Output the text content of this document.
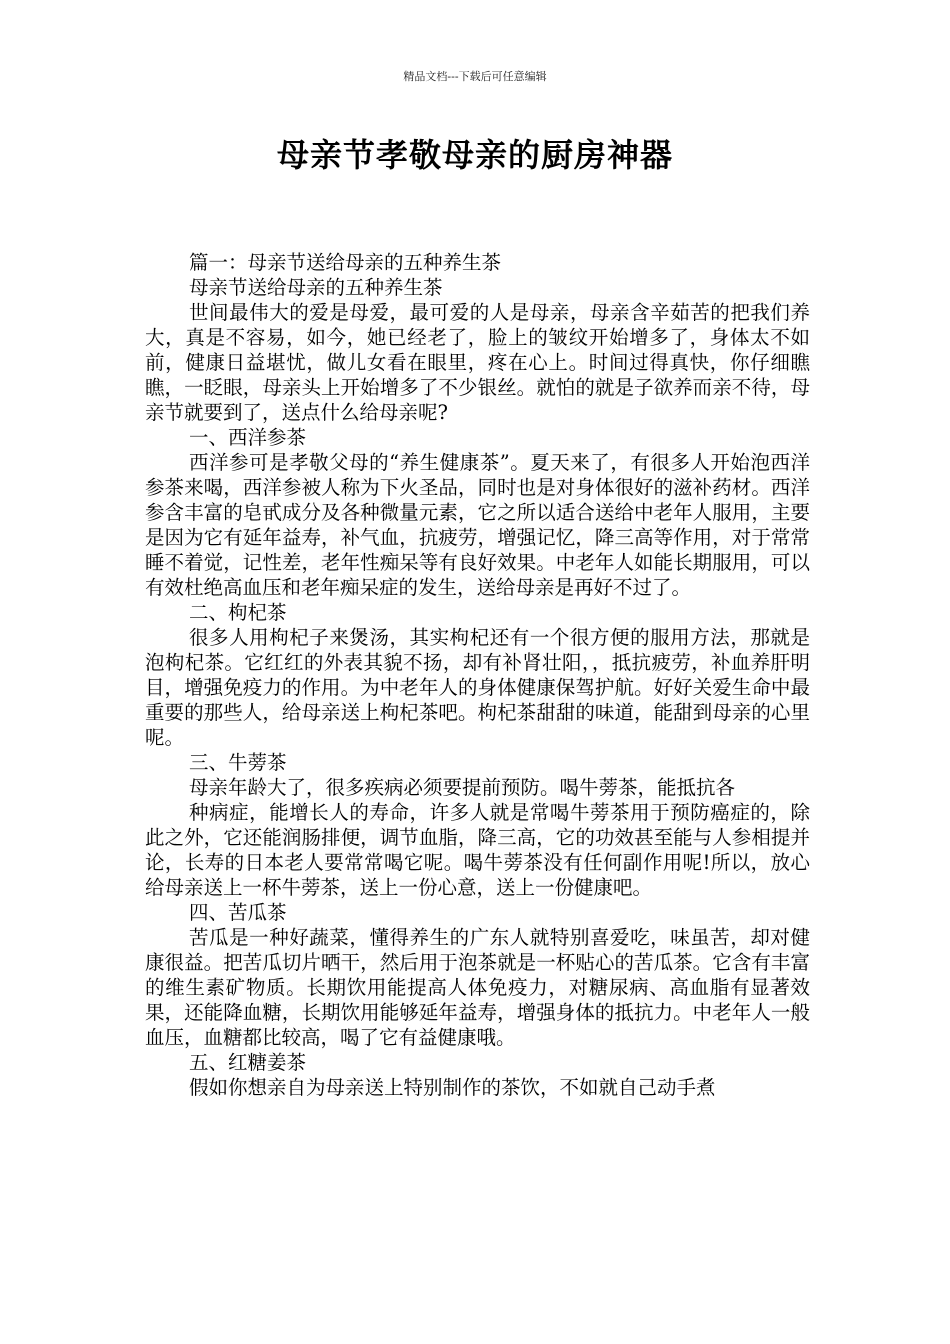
精品文档---下载后可任意编辑
母亲节孝敬母亲的厨房神器

篇一：母亲节送给母亲的五种养生茶

母亲节送给母亲的五种养生茶

世间最伟大的爱是母爱，最可爱的人是母亲，母亲含辛茹苦的把我们养大，真是不容易，如今，她已经老了，脸上的皱纹开始增多了，身体太不如前，健康日益堪忧，做儿女看在眼里，疼在心上。时间过得真快，你仔细瞧瞧，一眨眼，母亲头上开始增多了不少银丝。就怕的就是子欲养而亲不待，母亲节就要到了，送点什么给母亲呢?

一、西洋参茶

西洋参可是孝敬父母的“养生健康茶”。夏天来了，有很多人开始泡西洋参茶来喝，西洋参被人称为下火圣品，同时也是对身体很好的滋补药材。西洋参含丰富的皂甙成分及各种微量元素，它之所以适合送给中老年人服用，主要是因为它有延年益寿，补气血，抗疲劳，增强记忆，降三高等作用，对于常常睡不着觉，记性差，老年性痴呆等有良好效果。中老年人如能长期服用，可以有效杜绝高血压和老年痴呆症的发生，送给母亲是再好不过了。

二、枸杞茶

很多人用枸杞子来煲汤，其实枸杞还有一个很方便的服用方法，那就是泡枸杞茶。它红红的外表其貌不扬，却有补肾壮阳，，抵抗疲劳，补血养肝明目，增强免疫力的作用。为中老年人的身体健康保驾护航。好好关爱生命中最重要的那些人，给母亲送上枸杞茶吧。枸杞茶甜甜的味道，能甜到母亲的心里呢。

三、牛蒡茶

母亲年龄大了，很多疾病必须要提前预防。喝牛蒡茶，能抵抗各

种病症，能增长人的寿命，许多人就是常喝牛蒡茶用于预防癌症的，除此之外，它还能润肠排便，调节血脂，降三高，它的功效甚至能与人参相提并论，长寿的日本老人要常常喝它呢。喝牛蒡茶没有任何副作用呢!所以，放心给母亲送上一杯牛蒡茶，送上一份心意，送上一份健康吧。

四、苦瓜茶

苦瓜是一种好蔬菜，懂得养生的广东人就特别喜爱吃，味虽苦，却对健康很益。把苦瓜切片晒干，然后用于泡茶就是一杯贴心的苦瓜茶。它含有丰富的维生素矿物质。长期饮用能提高人体免疫力，对糖尿病、高血脂有显著效果，还能降血糖，长期饮用能够延年益寿，增强身体的抵抗力。中老年人一般血压，血糖都比较高，喝了它有益健康哦。

五、红糖姜茶

假如你想亲自为母亲送上特别制作的茶饮，不如就自己动手煮
